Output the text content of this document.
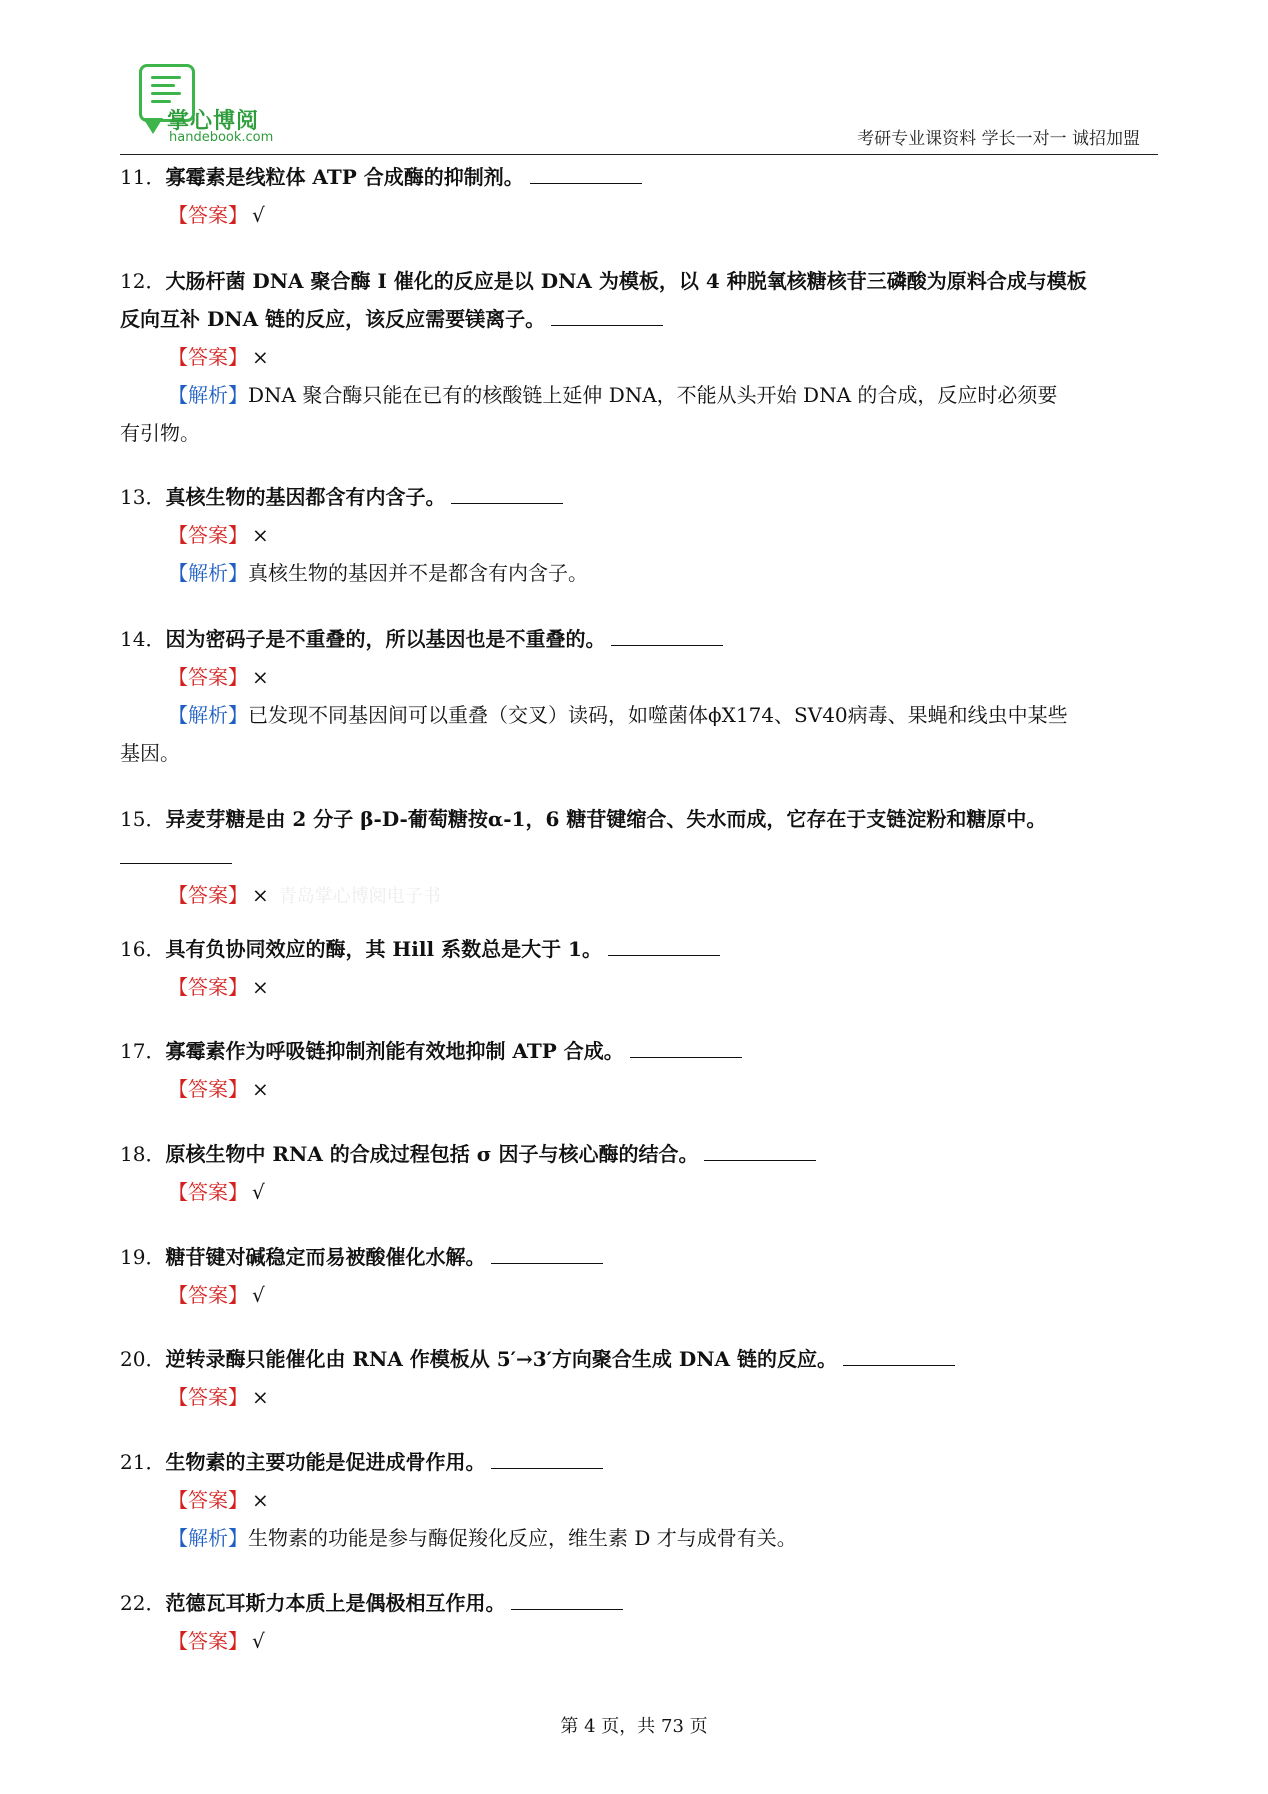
掌心博阅
handebook.com	考研专业课资料 学长一对一 诚招加盟
11．寡霉素是线粒体 ATP 合成酶的抑制剂。
【答案】 √
12．大肠杆菌 DNA 聚合酶 I 催化的反应是以 DNA 为模板，以 4 种脱氧核糖核苷三磷酸为原料合成与模板
反向互补 DNA 链的反应，该反应需要镁离子。
【答案】 ×
【解析】DNA 聚合酶只能在已有的核酸链上延伸 DNA，不能从头开始 DNA 的合成，反应时必须要
有引物。
13．真核生物的基因都含有内含子。
【答案】 ×
【解析】真核生物的基因并不是都含有内含子。
14．因为密码子是不重叠的，所以基因也是不重叠的。
【答案】 ×
【解析】已发现不同基因间可以重叠（交叉）读码，如噬菌体ϕX174、SV40病毒、果蝇和线虫中某些
基因。
15．异麦芽糖是由 2 分子 β-D-葡萄糖按α-1，6 糖苷键缩合、失水而成，它存在于支链淀粉和糖原中。
【答案】 × 青岛掌心博阅电子书
16．具有负协同效应的酶，其 Hill 系数总是大于 1。
【答案】 ×
17．寡霉素作为呼吸链抑制剂能有效地抑制 ATP 合成。
【答案】 ×
18．原核生物中 RNA 的合成过程包括 σ 因子与核心酶的结合。
【答案】 √
19．糖苷键对碱稳定而易被酸催化水解。
【答案】 √
20．逆转录酶只能催化由 RNA 作模板从 5′→3′方向聚合生成 DNA 链的反应。
【答案】 ×
21．生物素的主要功能是促进成骨作用。
【答案】 ×
【解析】生物素的功能是参与酶促羧化反应，维生素 D 才与成骨有关。
22．范德瓦耳斯力本质上是偶极相互作用。
【答案】 √
第 4 页，共 73 页
